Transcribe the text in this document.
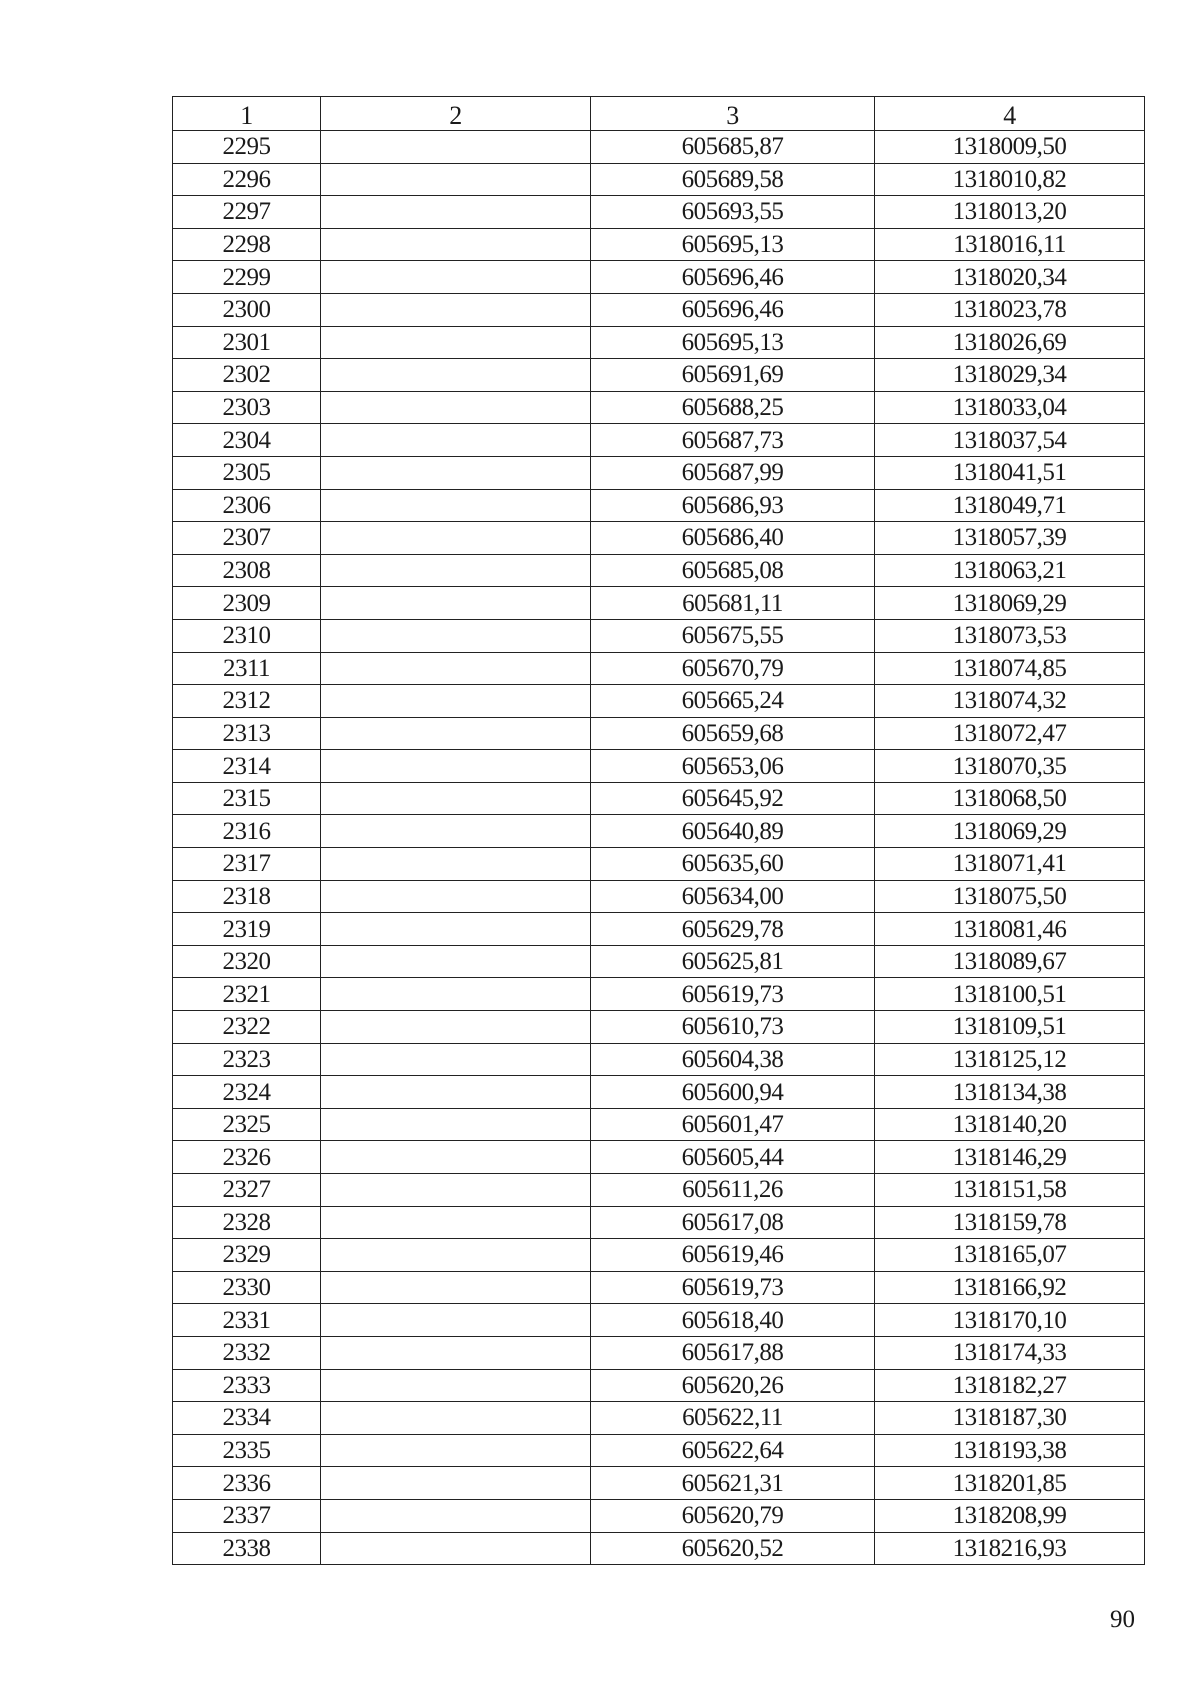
1	2	3	4
2295		605685,87	1318009,50
2296		605689,58	1318010,82
2297		605693,55	1318013,20
2298		605695,13	1318016,11
2299		605696,46	1318020,34
2300		605696,46	1318023,78
2301		605695,13	1318026,69
2302		605691,69	1318029,34
2303		605688,25	1318033,04
2304		605687,73	1318037,54
2305		605687,99	1318041,51
2306		605686,93	1318049,71
2307		605686,40	1318057,39
2308		605685,08	1318063,21
2309		605681,11	1318069,29
2310		605675,55	1318073,53
2311		605670,79	1318074,85
2312		605665,24	1318074,32
2313		605659,68	1318072,47
2314		605653,06	1318070,35
2315		605645,92	1318068,50
2316		605640,89	1318069,29
2317		605635,60	1318071,41
2318		605634,00	1318075,50
2319		605629,78	1318081,46
2320		605625,81	1318089,67
2321		605619,73	1318100,51
2322		605610,73	1318109,51
2323		605604,38	1318125,12
2324		605600,94	1318134,38
2325		605601,47	1318140,20
2326		605605,44	1318146,29
2327		605611,26	1318151,58
2328		605617,08	1318159,78
2329		605619,46	1318165,07
2330		605619,73	1318166,92
2331		605618,40	1318170,10
2332		605617,88	1318174,33
2333		605620,26	1318182,27
2334		605622,11	1318187,30
2335		605622,64	1318193,38
2336		605621,31	1318201,85
2337		605620,79	1318208,99
2338		605620,52	1318216,93
90
